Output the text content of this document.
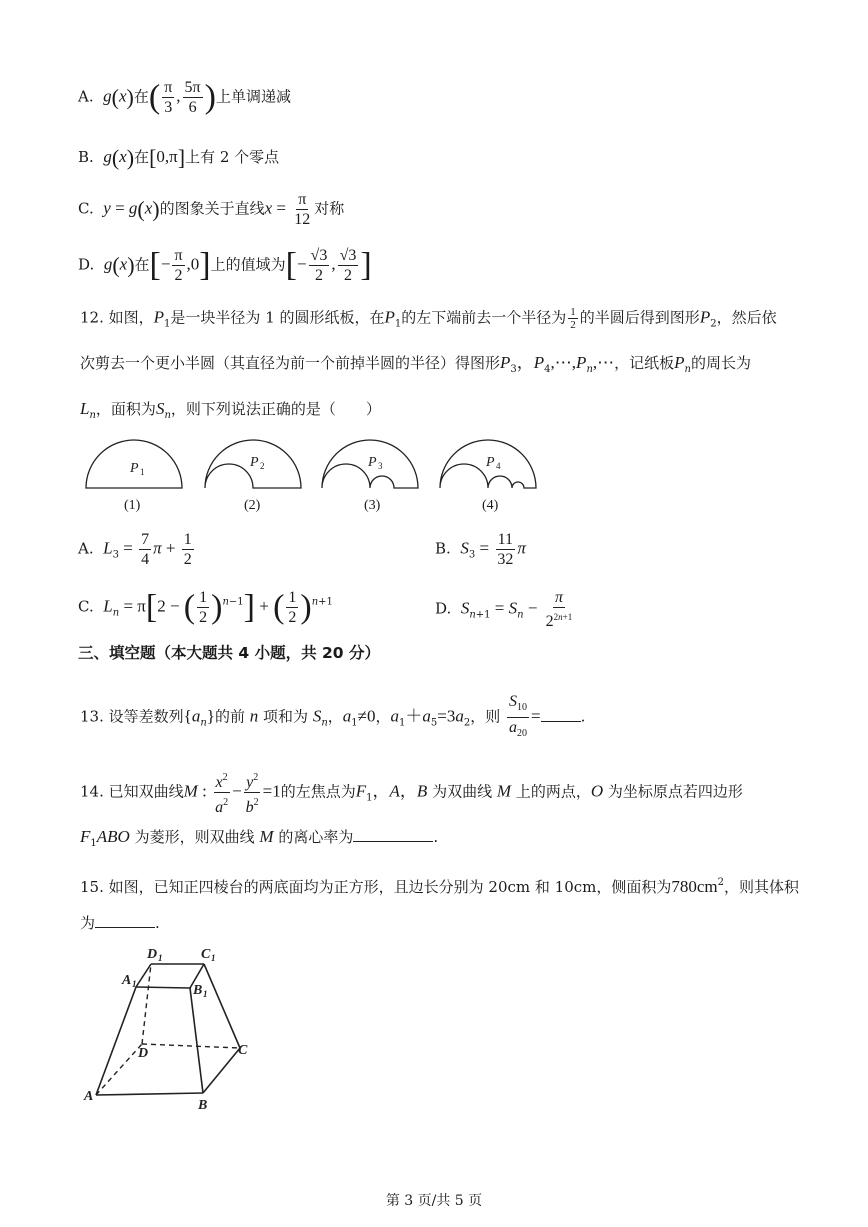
A. g(x)在( $\frac{\pi}{3}$ , $\frac{5\pi}{6}$ )上单调递减
B. g(x)在[0,π]上有 2 个零点
C. y = g(x)的图象关于直线$x = \frac{\pi}{12}$ 对称
D. g(x)在[− $\frac{\pi}{2} ,0$]上的值域为[− $\frac{√3}{2}$ , $\frac{√3}{2}$ ]
12. 如图，$P_1$是一块半径为 1 的圆形纸板，在$P_1$的左下端前去一个半径为 $\frac{1}{2}$ 的半圆后得到图形$P_2$，然后依
次剪去一个更小半圆（其直径为前一个前掉半圆的半径）得图形$P_3$，$P_4,\cdots,P_n,\cdots$，记纸板$P_n$的周长为
$L_n$，面积为$S_n$，则下列说法正确的是（　　）
P 1
P 2	P 3	P 4
(1)	(2)	(3)	(4)
A. $L_3 = \frac{7}{4}$ $\pi + \frac{1}{2}$	B. $S_3 = \frac{11}{32}$ π
C. $L_n = \pi[2$ − ( $\frac{1}{2} )^{n-1}$] + ( $\frac{1}{2} )^{n+1}$	D. $S_{n+1} = S_n - \frac{\pi}{2^{2n+1}}$
三、填空题（本大题共 4 小题，共 20 分）
13. 设等差数列$\{a_n\}$的前 n 项和为 $S_n$，$a_1\ne 0$，$a_1+a_5=3a_2$，则 $\frac{S_{10}}{a_{20}}$ =	.
14. 已知双曲线M : $\frac{x^2}{a^2} - \frac{y^2}{b^2} =1$的左焦点为$F_1$，A，B 为双曲线 M 上的两点，O 为坐标原点若四边形
$F_1ABO$ 为菱形，则双曲线 M 的离心率为	.
15. 如图，已知正四棱台的两底面均为正方形，且边长分别为 20cm 和 10cm，侧面积为$780cm^2$，则其体积
为	.
D 1	C 1
A 1	B 1
D	C
A
B
第 3 页/共 5 页
